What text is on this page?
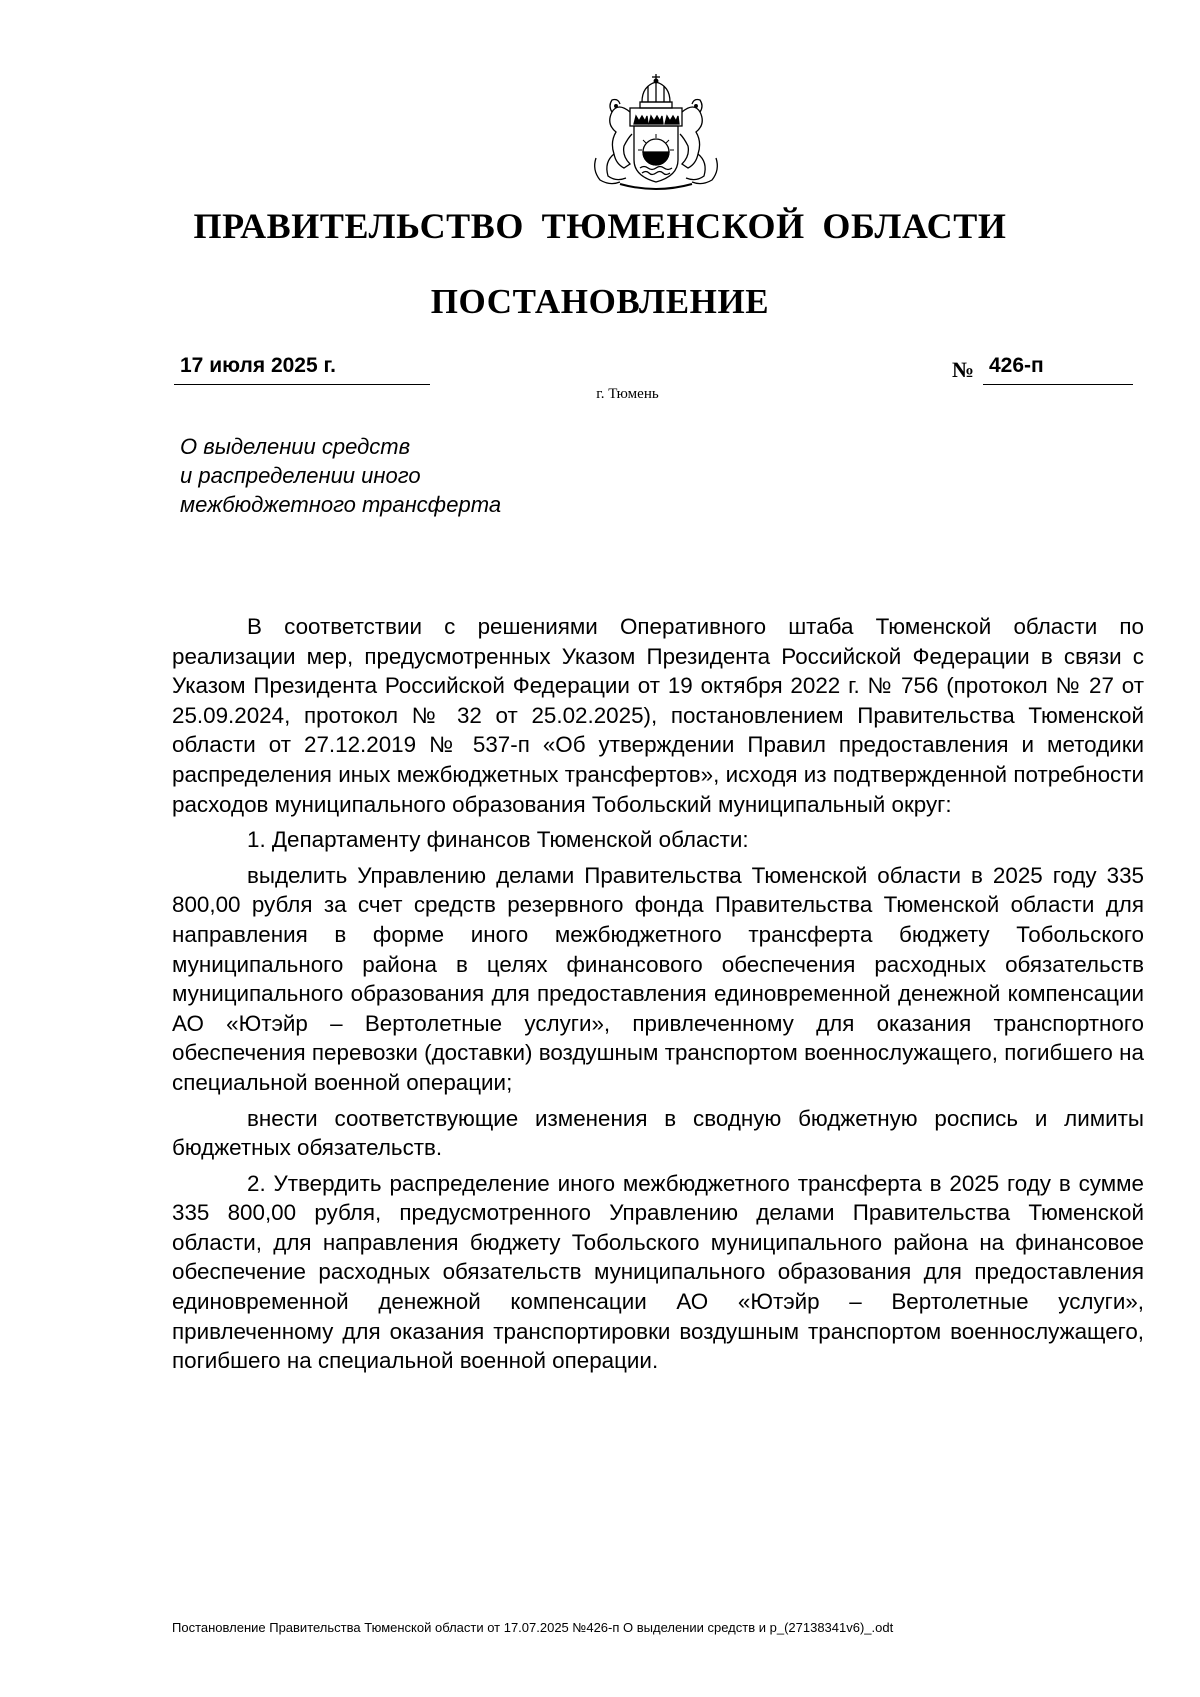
ПРАВИТЕЛЬСТВО ТЮМЕНСКОЙ ОБЛАСТИ
ПОСТАНОВЛЕНИЕ
17 июля 2025 г.	№ 426-п
г. Тюмень
О выделении средств
и распределении иного
межбюджетного трансферта

В соответствии с решениями Оперативного штаба Тюменской области по реализации мер, предусмотренных Указом Президента Российской Федерации в связи с Указом Президента Российской Федерации от 19 октября 2022 г. № 756 (протокол № 27 от 25.09.2024, протокол № 32 от 25.02.2025), постановлением Правительства Тюменской области от 27.12.2019 № 537-п «Об утверждении Правил предоставления и методики распределения иных межбюджетных трансфертов», исходя из подтвержденной потребности расходов муниципального образования Тобольский муниципальный округ:

1. Департаменту финансов Тюменской области:

выделить Управлению делами Правительства Тюменской области в 2025 году 335 800,00 рубля за счет средств резервного фонда Правительства Тюменской области для направления в форме иного межбюджетного трансферта бюджету Тобольского муниципального района в целях финансового обеспечения расходных обязательств муниципального образования для предоставления единовременной денежной компенсации АО «Ютэйр – Вертолетные услуги», привлеченному для оказания транспортного обеспечения перевозки (доставки) воздушным транспортом военнослужащего, погибшего на специальной военной операции;

внести соответствующие изменения в сводную бюджетную роспись и лимиты бюджетных обязательств.

2. Утвердить распределение иного межбюджетного трансферта в 2025 году в сумме 335 800,00 рубля, предусмотренного Управлению делами Правительства Тюменской области, для направления бюджету Тобольского муниципального района на финансовое обеспечение расходных обязательств муниципального образования для предоставления единовременной денежной компенсации АО «Ютэйр – Вертолетные услуги», привлеченному для оказания транспортировки воздушным транспортом военнослужащего, погибшего на специальной военной операции.

Постановление Правительства Тюменской области от 17.07.2025 №426-п О выделении средств и р_(27138341v6)_.odt
